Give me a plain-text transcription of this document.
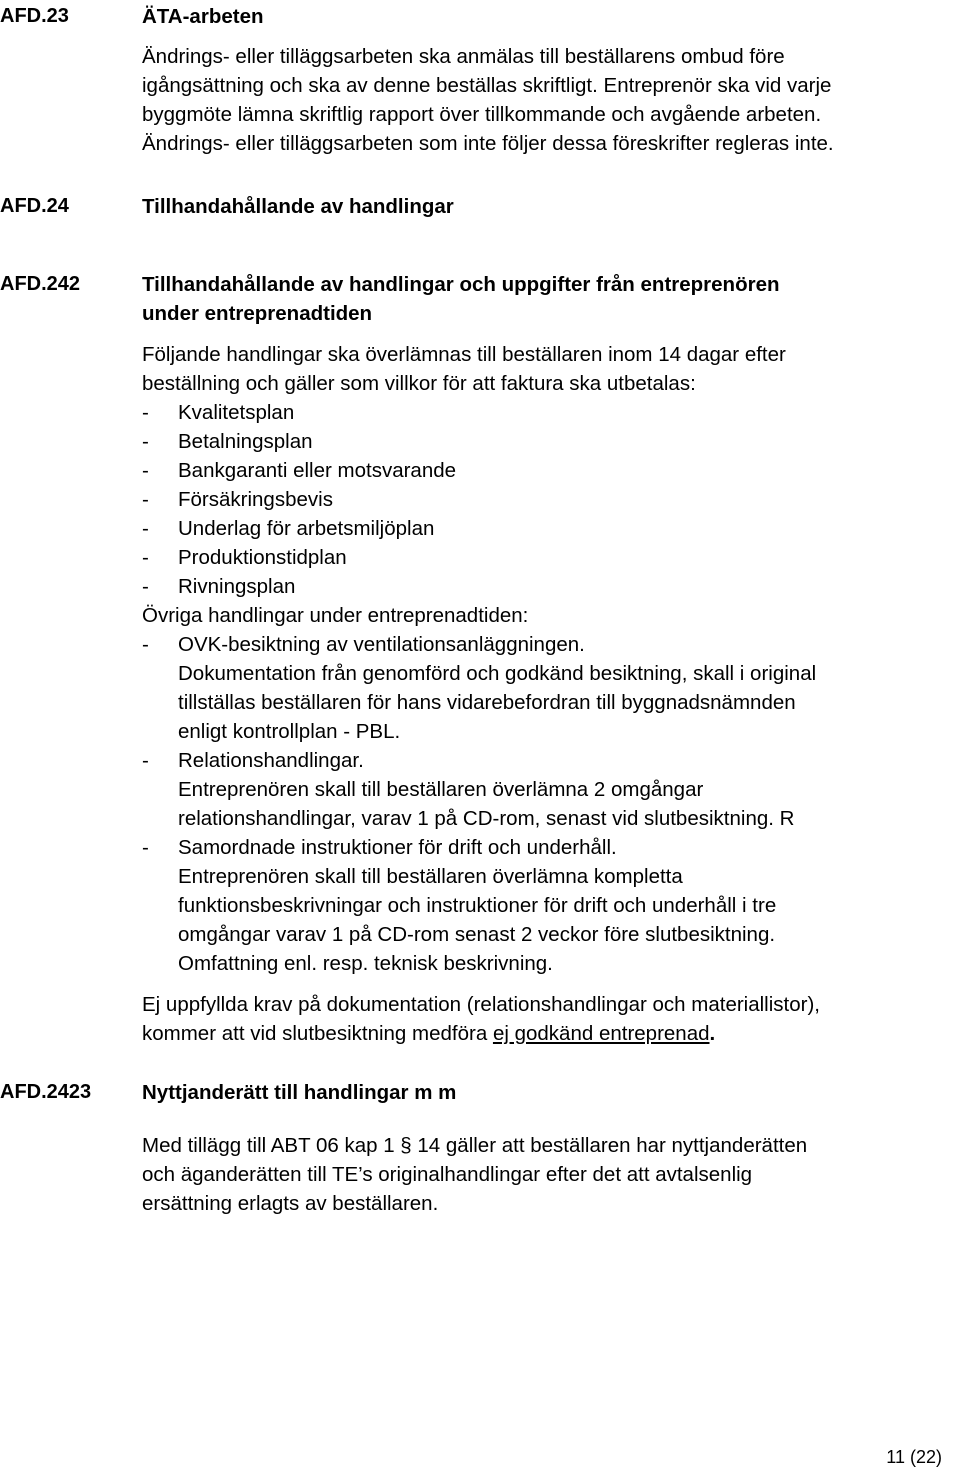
AFD.23	ÄTA-arbeten
Ändrings- eller tilläggsarbeten ska anmälas till beställarens ombud före
igångsättning och ska av denne beställas skriftligt. Entreprenör ska vid varje
byggmöte lämna skriftlig rapport över tillkommande och avgående arbeten.
Ändrings- eller tilläggsarbeten som inte följer dessa föreskrifter regleras inte.
AFD.24	Tillhandahållande av handlingar
AFD.242	Tillhandahållande av handlingar och uppgifter från entreprenören
under entreprenadtiden
Följande handlingar ska överlämnas till beställaren inom 14 dagar efter
beställning och gäller som villkor för att faktura ska utbetalas:
- Kvalitetsplan
- Betalningsplan
- Bankgaranti eller motsvarande
- Försäkringsbevis
- Underlag för arbetsmiljöplan
- Produktionstidplan
- Rivningsplan
Övriga handlingar under entreprenadtiden:
- OVK-besiktning av ventilationsanläggningen.
Dokumentation från genomförd och godkänd besiktning, skall i original
tillställas beställaren för hans vidarebefordran till byggnadsnämnden
enligt kontrollplan - PBL.
- Relationshandlingar.
Entreprenören skall till beställaren överlämna 2 omgångar
relationshandlingar, varav 1 på CD-rom, senast vid slutbesiktning. R
- Samordnade instruktioner för drift och underhåll.
Entreprenören skall till beställaren överlämna kompletta
funktionsbeskrivningar och instruktioner för drift och underhåll i tre
omgångar varav 1 på CD-rom senast 2 veckor före slutbesiktning.
Omfattning enl. resp. teknisk beskrivning.
Ej uppfyllda krav på dokumentation (relationshandlingar och materiallistor),
kommer att vid slutbesiktning medföra ej godkänd entreprenad.
AFD.2423 Nyttjanderätt till handlingar m m
Med tillägg till ABT 06 kap 1 § 14 gäller att beställaren har nyttjanderätten
och äganderätten till TE’s originalhandlingar efter det att avtalsenlig
ersättning erlagts av beställaren.
11 (22)
